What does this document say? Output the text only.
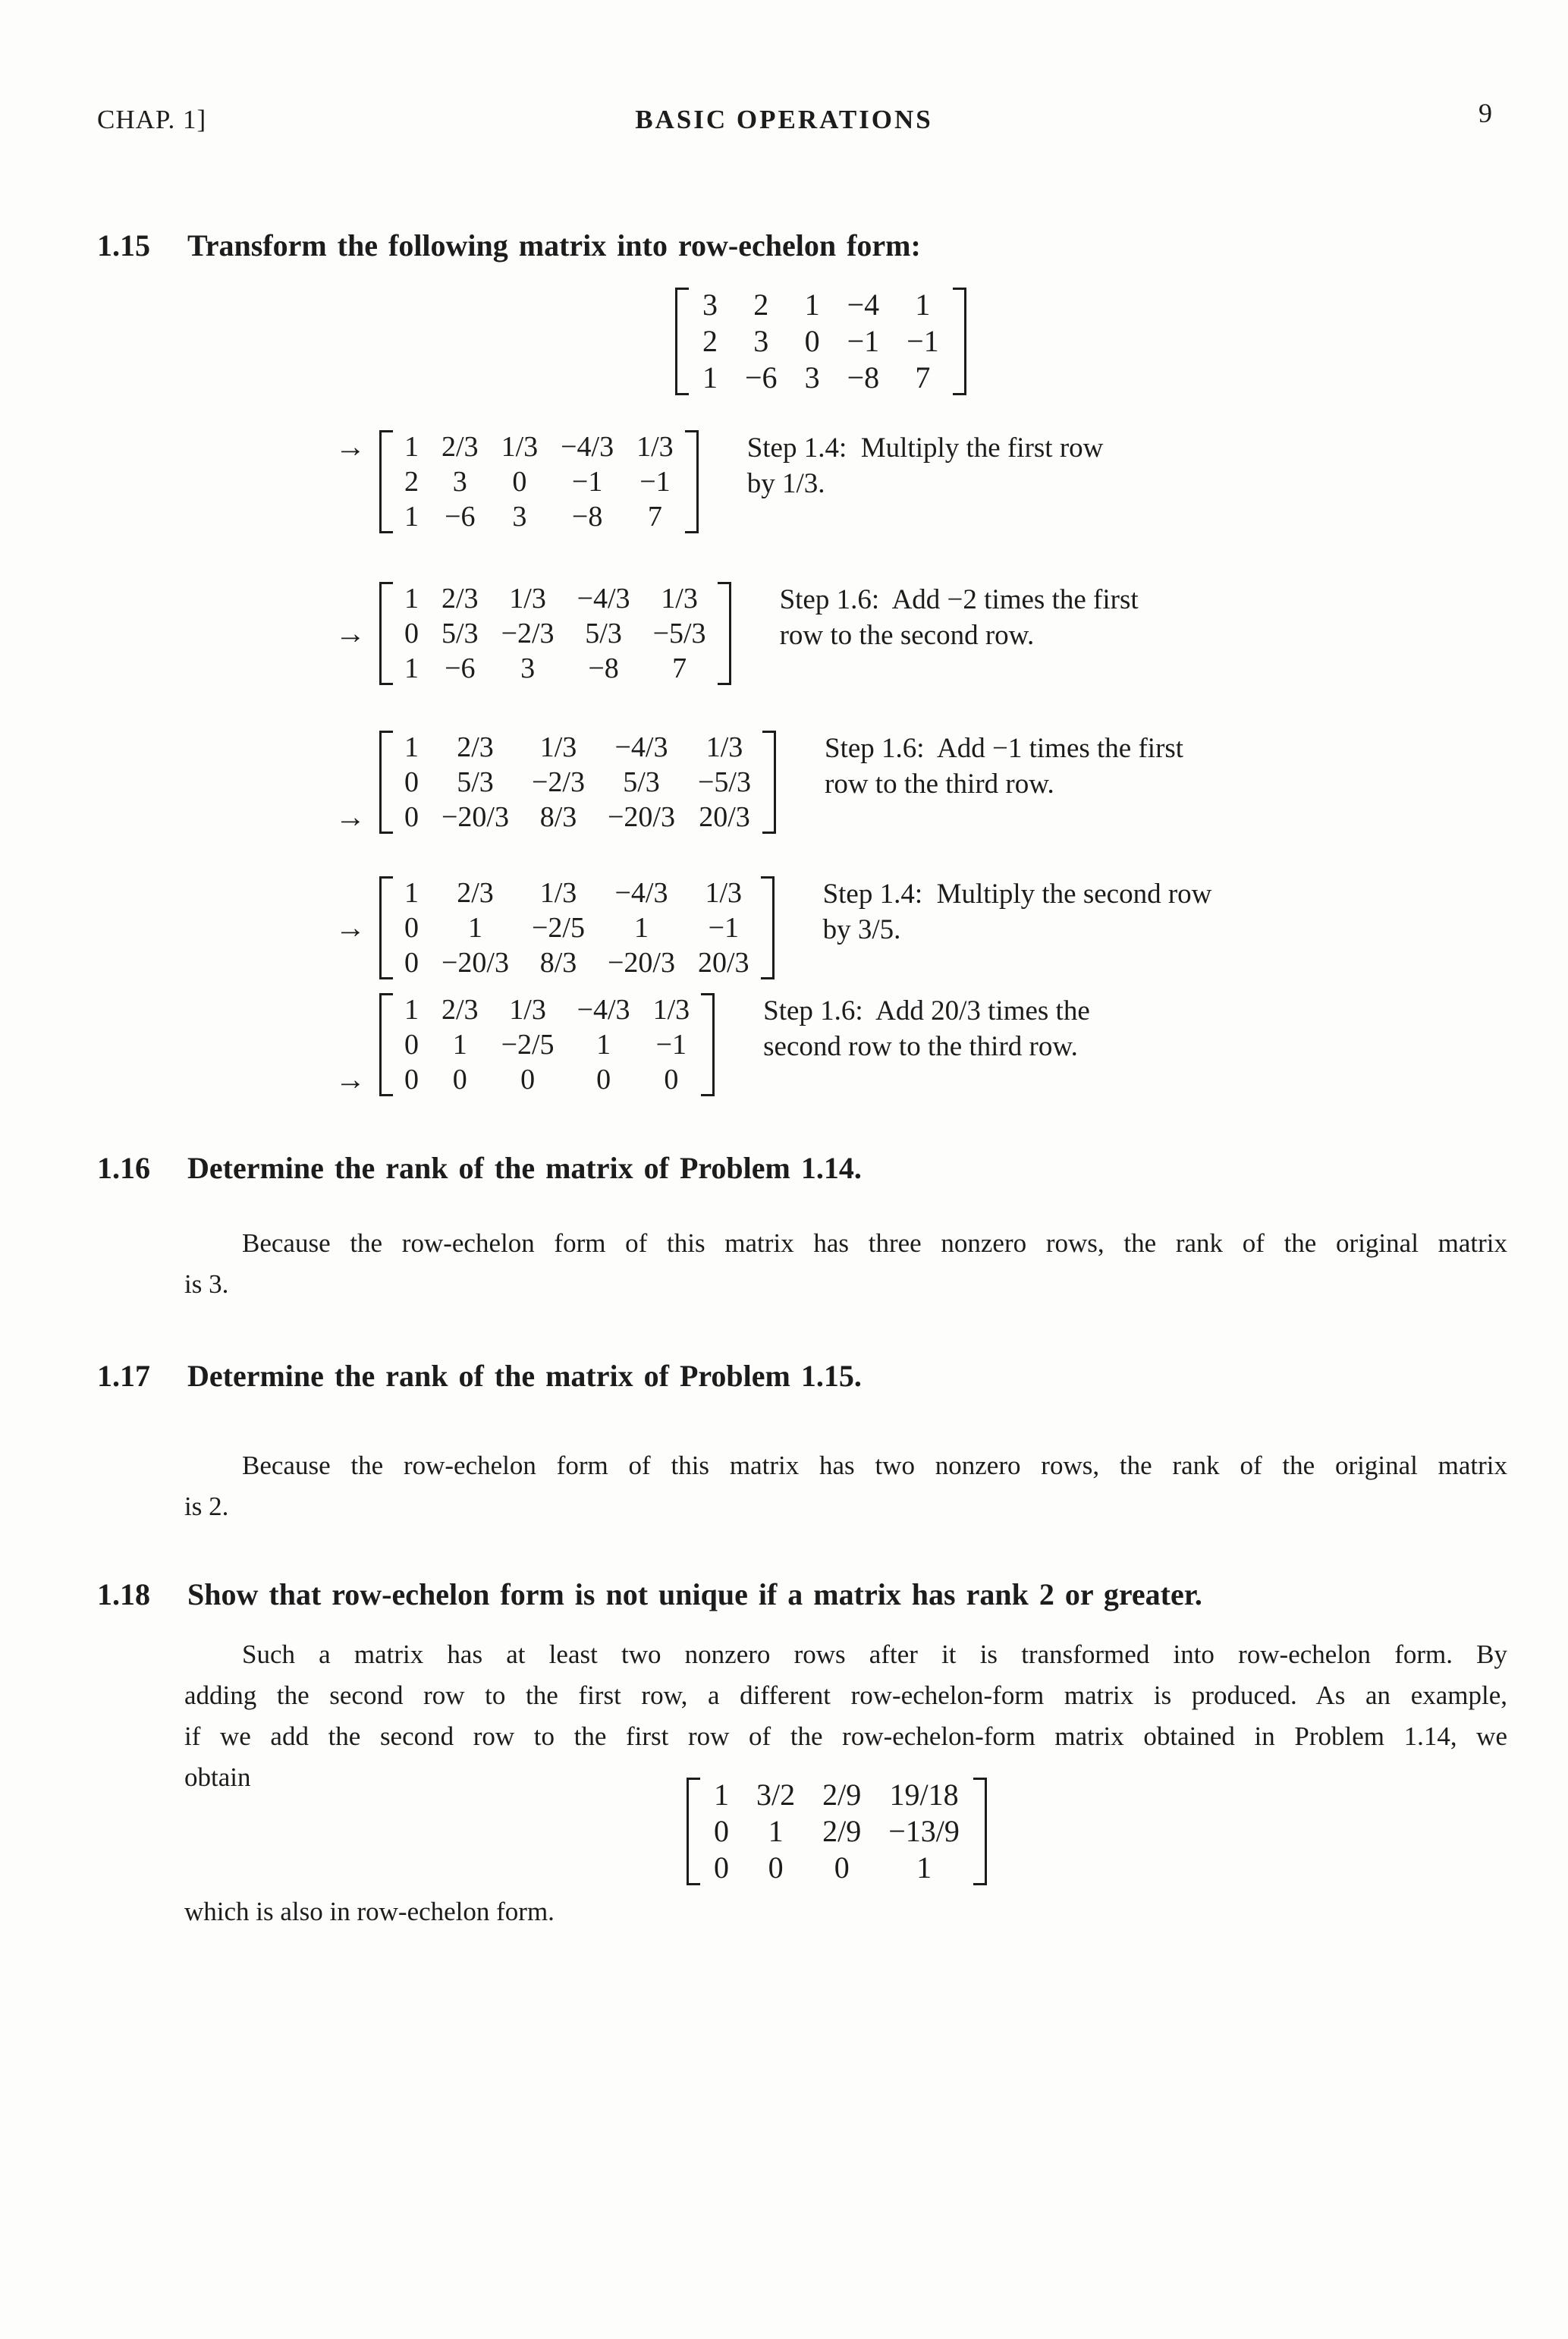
CHAP. 1]	BASIC OPERATIONS	9
1.15 Transform the following matrix into row-echelon form:
3	2	1	−4	1
2	3	0	−1	−1
1	−6	3	−8	7
→ 1	2/3	1/3	−4/3	1/3
2	3	0	−1	−1
1	−6	3	−8	7
Step 1.4:  Multiply the first row
by 1/3.
→
1	2/3	1/3	−4/3	1/3
0	5/3	−2/3	5/3	−5/3
1	−6	3	−8	7
Step 1.6:  Add −2 times the first
row to the second row.
→
1	2/3	1/3	−4/3	1/3
0	5/3	−2/3	5/3	−5/3
0	−20/3	8/3	−20/3	20/3
Step 1.6:  Add −1 times the first
row to the third row.
→
1	2/3	1/3	−4/3	1/3
0	1	−2/5	1	−1
0	−20/3	8/3	−20/3	20/3
Step 1.4:  Multiply the second row
by 3/5.
→
1	2/3	1/3	−4/3	1/3
0	1	−2/5	1	−1
0	0	0	0	0
Step 1.6:  Add 20/3 times the
second row to the third row.
1.16 Determine the rank of the matrix of Problem 1.14.
Because the row-echelon form of this matrix has three nonzero rows, the rank of the original matrix
is 3.
1.17 Determine the rank of the matrix of Problem 1.15.
Because the row-echelon form of this matrix has two nonzero rows, the rank of the original matrix
is 2.
1.18 Show that row-echelon form is not unique if a matrix has rank 2 or greater.
Such a matrix has at least two nonzero rows after it is transformed into row-echelon form. By
adding the second row to the first row, a different row-echelon-form matrix is produced. As an example,
if we add the second row to the first row of the row-echelon-form matrix obtained in Problem 1.14, we
obtain
1	3/2	2/9	19/18
0	1	2/9	−13/9
0	0	0	1
which is also in row-echelon form.
